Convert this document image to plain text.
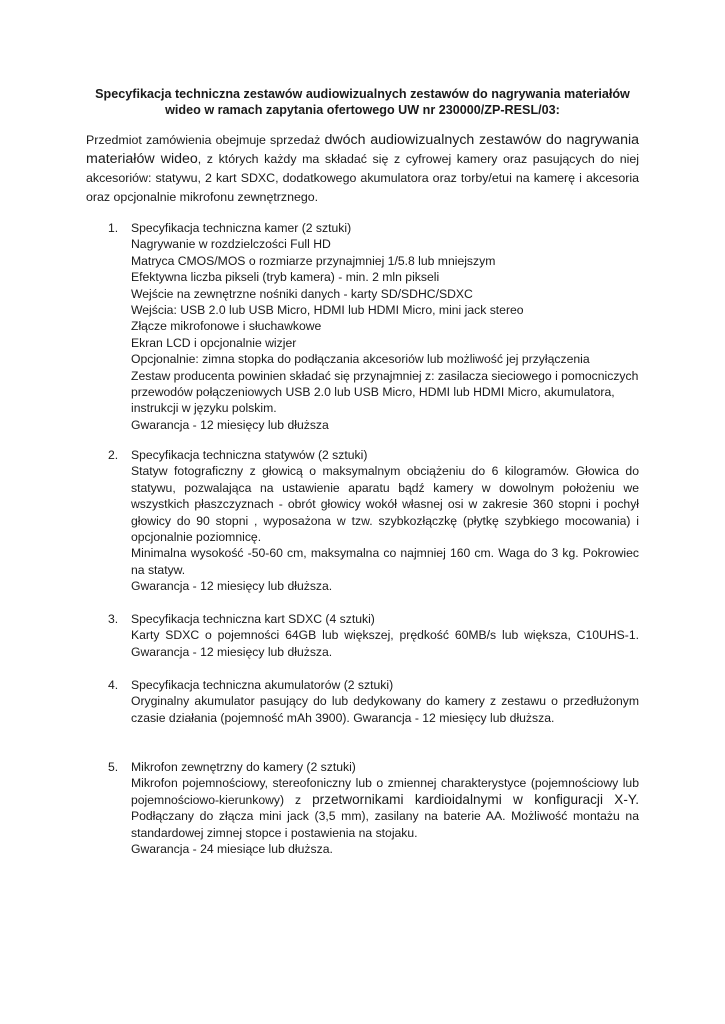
Specyfikacja techniczna zestawów audiowizualnych zestawów do nagrywania materiałów wideo w ramach zapytania ofertowego UW nr 230000/ZP-RESL/03:

Przedmiot zamówienia obejmuje sprzedaż dwóch audiowizualnych zestawów do nagrywania materiałów wideo, z których każdy ma składać się z cyfrowej kamery oraz pasujących do niej akcesoriów: statywu, 2 kart SDXC, dodatkowego akumulatora oraz torby/etui na kamerę i akcesoria oraz opcjonalnie mikrofonu zewnętrznego.

1.	Specyfikacja techniczna kamer (2 sztuki)
Nagrywanie w rozdzielczości Full HD
Matryca CMOS/MOS o rozmiarze przynajmniej 1/5.8 lub mniejszym
Efektywna liczba pikseli (tryb kamera) - min. 2 mln pikseli
Wejście na zewnętrzne nośniki danych - karty SD/SDHC/SDXC
Wejścia: USB 2.0 lub USB Micro, HDMI lub HDMI Micro, mini jack stereo
Złącze mikrofonowe i słuchawkowe
Ekran LCD i opcjonalnie wizjer
Opcjonalnie: zimna stopka do podłączania akcesoriów lub możliwość jej przyłączenia
Zestaw producenta powinien składać się przynajmniej z: zasilacza sieciowego i pomocniczych przewodów połączeniowych USB 2.0 lub USB Micro, HDMI lub HDMI Micro, akumulatora, instrukcji w języku polskim.
Gwarancja - 12 miesięcy lub dłuższa
2.	Specyfikacja techniczna statywów (2 sztuki)
Statyw fotograficzny z głowicą o maksymalnym obciążeniu do 6 kilogramów. Głowica do statywu, pozwalająca na ustawienie aparatu bądź kamery w dowolnym położeniu we wszystkich płaszczyznach - obrót głowicy wokół własnej osi w zakresie 360 stopni i pochył głowicy do 90 stopni , wyposażona w tzw. szybkozłączkę (płytkę szybkiego mocowania) i opcjonalnie poziomnicę.
Minimalna wysokość -50-60 cm, maksymalna co najmniej 160 cm. Waga do 3 kg. Pokrowiec na statyw.
Gwarancja - 12 miesięcy lub dłuższa.
3.	Specyfikacja techniczna kart SDXC (4 sztuki)
Karty SDXC o pojemności 64GB lub większej, prędkość 60MB/s lub większa, C10UHS-1.
Gwarancja - 12 miesięcy lub dłuższa.
4.	Specyfikacja techniczna akumulatorów (2 sztuki)
Oryginalny akumulator pasujący do lub dedykowany do kamery z zestawu o przedłużonym czasie działania (pojemność mAh 3900). Gwarancja - 12 miesięcy lub dłuższa.
5.	Mikrofon zewnętrzny do kamery (2 sztuki)
Mikrofon pojemnościowy, stereofoniczny lub o zmiennej charakterystyce (pojemnościowy lub pojemnościowo-kierunkowy) z przetwornikami kardioidalnymi w konfiguracji X-Y. Podłączany do złącza mini jack (3,5 mm), zasilany na baterie AA. Możliwość montażu na standardowej zimnej stopce i postawienia na stojaku.
Gwarancja - 24 miesiące lub dłuższa.
